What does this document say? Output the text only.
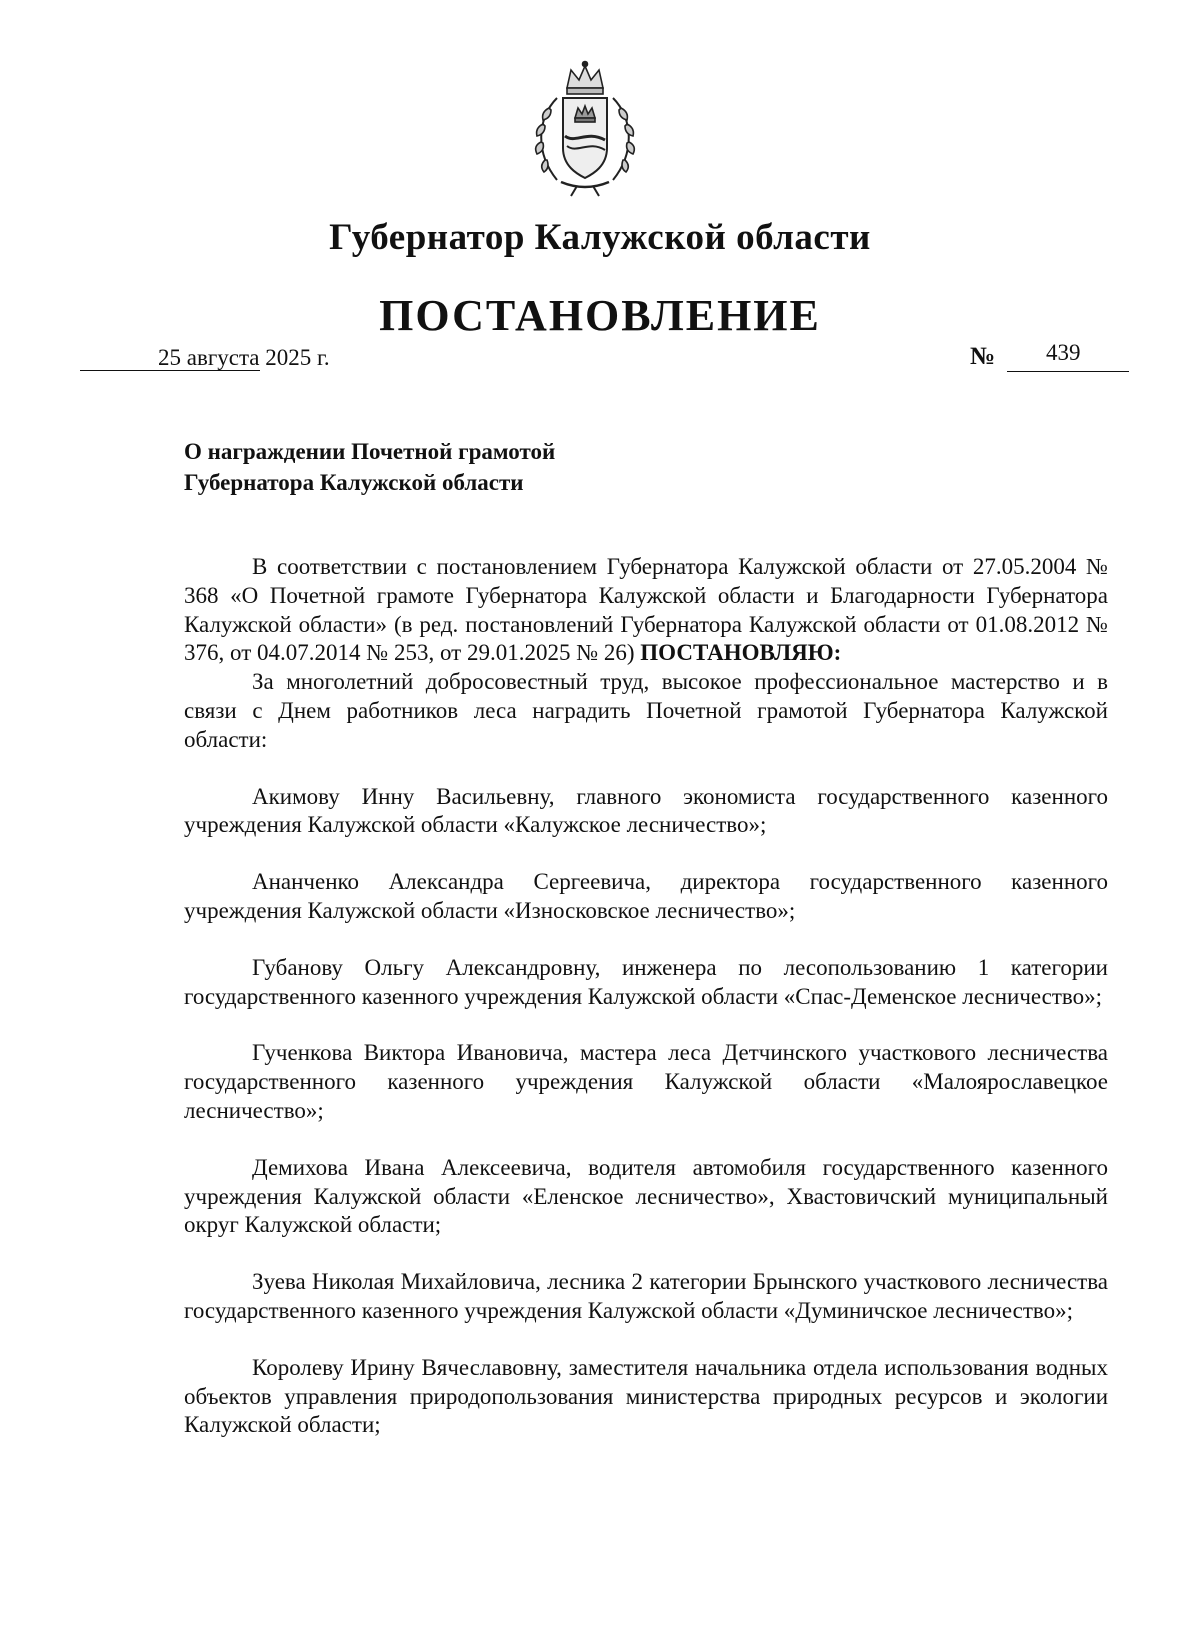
Губернатор Калужской области
ПОСТАНОВЛЕНИЕ
25 августа 2025 г.	№ 439
О награждении Почетной грамотой
Губернатора Калужской области

В соответствии с постановлением Губернатора Калужской области от 27.05.2004 № 368 «О Почетной грамоте Губернатора Калужской области и Благодарности Губернатора Калужской области» (в ред. постановлений Губернатора Калужской области от 01.08.2012 № 376, от 04.07.2014 № 253, от 29.01.2025 № 26) ПОСТАНОВЛЯЮ:

За многолетний добросовестный труд, высокое профессиональное мастерство и в связи с Днем работников леса наградить Почетной грамотой Губернатора Калужской области:

Акимову Инну Васильевну, главного экономиста государственного казенного учреждения Калужской области «Калужское лесничество»;

Ананченко Александра Сергеевича, директора государственного казенного учреждения Калужской области «Износковское лесничество»;

Губанову Ольгу Александровну, инженера по лесопользованию 1 категории государственного казенного учреждения Калужской области «Спас-Деменское лесничество»;

Гученкова Виктора Ивановича, мастера леса Детчинского участкового лесничества государственного казенного учреждения Калужской области «Малоярославецкое лесничество»;

Демихова Ивана Алексеевича, водителя автомобиля государственного казенного учреждения Калужской области «Еленское лесничество», Хвастовичский муниципальный округ Калужской области;

Зуева Николая Михайловича, лесника 2 категории Брынского участкового лесничества государственного казенного учреждения Калужской области «Думиничское лесничество»;

Королеву Ирину Вячеславовну, заместителя начальника отдела использования водных объектов управления природопользования министерства природных ресурсов и экологии Калужской области;
